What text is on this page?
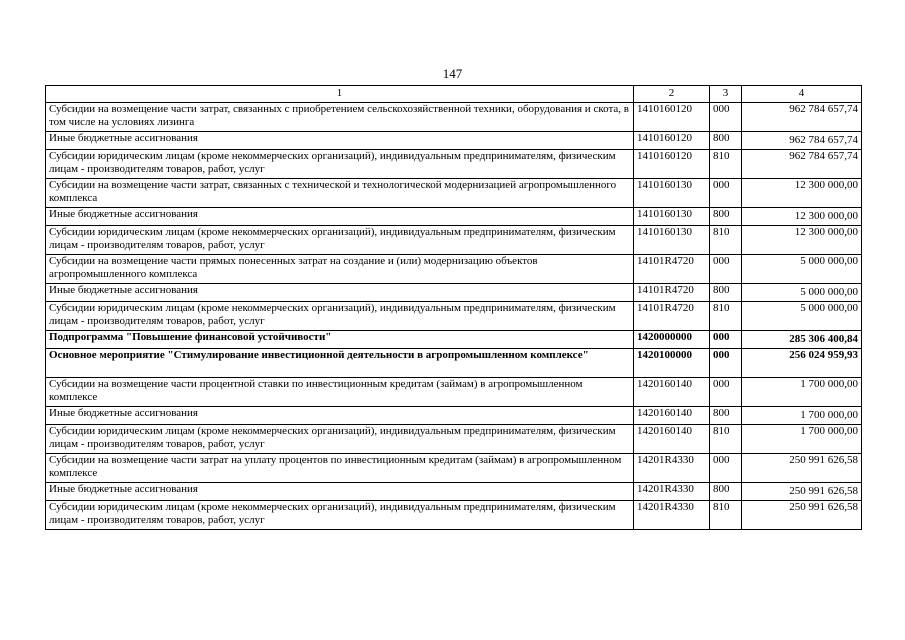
147
1	2	3	4
Субсидии на возмещение части затрат, связанных с приобретением сельскохозяйственной техники, оборудования и скота, в том числе на условиях лизинга	1410160120	000	962 784 657,74
Иные бюджетные ассигнования	1410160120	800	962 784 657,74
Субсидии юридическим лицам (кроме некоммерческих организаций), индивидуальным предпринимателям, физическим лицам - производителям товаров, работ, услуг	1410160120	810	962 784 657,74
Субсидии на возмещение части затрат, связанных с технической и технологической модернизацией агропромышленного комплекса	1410160130	000	12 300 000,00
Иные бюджетные ассигнования	1410160130	800	12 300 000,00
Субсидии юридическим лицам (кроме некоммерческих организаций), индивидуальным предпринимателям, физическим лицам - производителям товаров, работ, услуг	1410160130	810	12 300 000,00
Субсидии на возмещение части прямых понесенных затрат на создание и (или) модернизацию объектов агропромышленного комплекса	14101R4720	000	5 000 000,00
Иные бюджетные ассигнования	14101R4720	800	5 000 000,00
Субсидии юридическим лицам (кроме некоммерческих организаций), индивидуальным предпринимателям, физическим лицам - производителям товаров, работ, услуг	14101R4720	810	5 000 000,00
Подпрограмма "Повышение финансовой устойчивости"	1420000000	000	285 306 400,84
Основное мероприятие "Стимулирование инвестиционной деятельности в агропромышленном комплексе"	1420100000	000	256 024 959,93
Субсидии на возмещение части процентной ставки по инвестиционным кредитам (займам) в агропромышленном комплексе	1420160140	000	1 700 000,00
Иные бюджетные ассигнования	1420160140	800	1 700 000,00
Субсидии юридическим лицам (кроме некоммерческих организаций), индивидуальным предпринимателям, физическим лицам - производителям товаров, работ, услуг	1420160140	810	1 700 000,00
Субсидии на возмещение части затрат на уплату процентов по инвестиционным кредитам (займам) в агропромышленном комплексе	14201R4330	000	250 991 626,58
Иные бюджетные ассигнования	14201R4330	800	250 991 626,58
Субсидии юридическим лицам (кроме некоммерческих организаций), индивидуальным предпринимателям, физическим лицам - производителям товаров, работ, услуг	14201R4330	810	250 991 626,58
